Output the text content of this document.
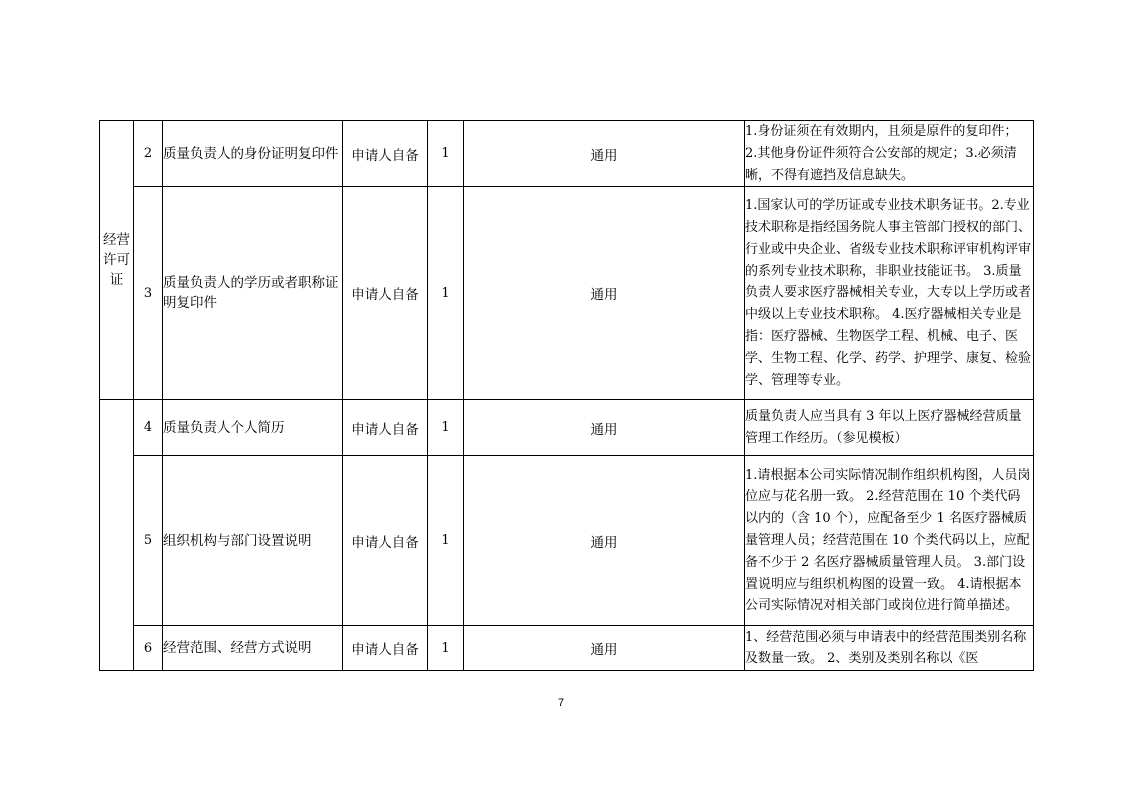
经营许可证	2	质量负责人的身份证明复印件	申请人自备	1	通用	1.身份证须在有效期内，且须是原件的复印件； 2.其他身份证件须符合公安部的规定；3.必须清晰，不得有遮挡及信息缺失。
	3	质量负责人的学历或者职称证明复印件	申请人自备	1	通用	1.国家认可的学历证或专业技术职务证书。2.专业技术职称是指经国务院人事主管部门授权的部门、行业或中央企业、省级专业技术职称评审机构评审的系列专业技术职称，非职业技能证书。 3.质量负责人要求医疗器械相关专业，大专以上学历或者中级以上专业技术职称。 4.医疗器械相关专业是指：医疗器械、生物医学工程、机械、电子、医学、生物工程、化学、药学、护理学、康复、检验学、管理等专业。
	4	质量负责人个人简历	申请人自备	1	通用	质量负责人应当具有 3 年以上医疗器械经营质量管理工作经历。（参见模板）
	5	组织机构与部门设置说明	申请人自备	1	通用	1.请根据本公司实际情况制作组织机构图，人员岗位应与花名册一致。 2.经营范围在 10 个类代码以内的（含 10 个），应配备至少 1 名医疗器械质量管理人员；经营范围在 10 个类代码以上，应配备不少于 2 名医疗器械质量管理人员。 3.部门设置说明应与组织机构图的设置一致。 4.请根据本公司实际情况对相关部门或岗位进行简单描述。
	6	经营范围、经营方式说明	申请人自备	1	通用	1、经营范围必须与申请表中的经营范围类别名称及数量一致。 2、类别及类别名称以《医
7
